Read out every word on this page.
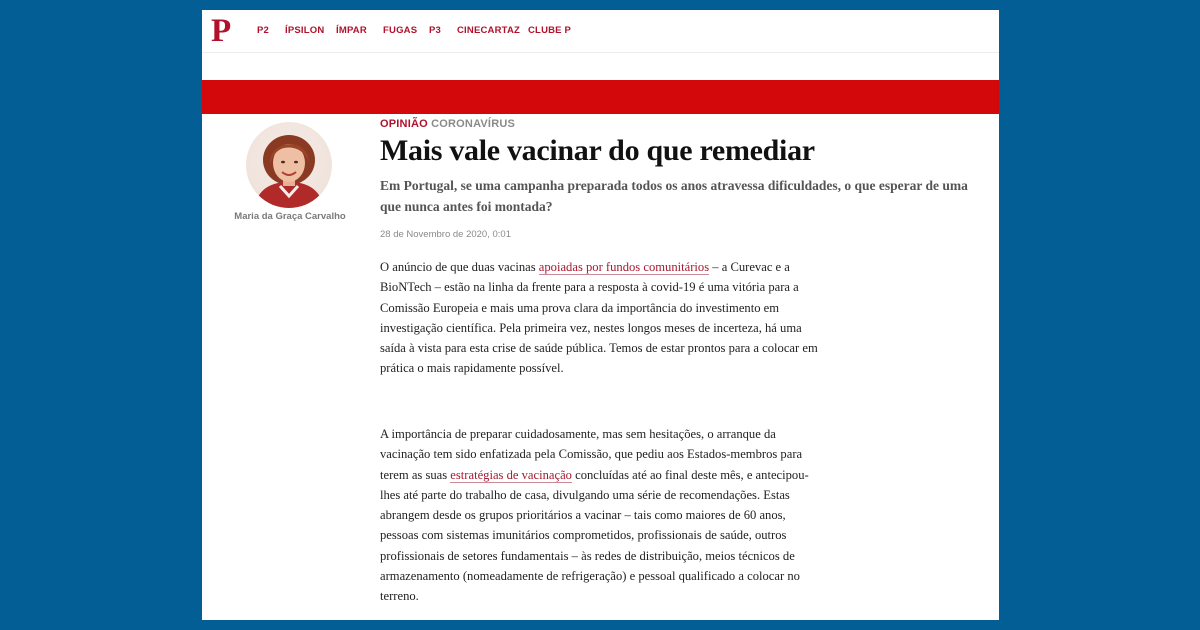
P	P2 ÍPSILON ÍMPAR FUGAS P3 CINECARTAZ CLUBE P
Maria da Graça Carvalho
OPINIÃO CORONAVÍRUS
Mais vale vacinar do que remediar

Em Portugal, se uma campanha preparada todos os anos atravessa dificuldades, o que esperar de uma que nunca antes foi montada?

28 de Novembro de 2020, 0:01

O anúncio de que duas vacinas apoiadas por fundos comunitários – a Curevac e a BioNTech – estão na linha da frente para a resposta à covid-19 é uma vitória para a Comissão Europeia e mais uma prova clara da importância do investimento em investigação científica. Pela primeira vez, nestes longos meses de incerteza, há uma saída à vista para esta crise de saúde pública. Temos de estar prontos para a colocar em prática o mais rapidamente possível.

A importância de preparar cuidadosamente, mas sem hesitações, o arranque da vacinação tem sido enfatizada pela Comissão, que pediu aos Estados-membros para terem as suas estratégias de vacinação concluídas até ao final deste mês, e antecipou-lhes até parte do trabalho de casa, divulgando uma série de recomendações. Estas abrangem desde os grupos prioritários a vacinar – tais como maiores de 60 anos, pessoas com sistemas imunitários comprometidos, profissionais de saúde, outros profissionais de setores fundamentais – às redes de distribuição, meios técnicos de armazenamento (nomeadamente de refrigeração) e pessoal qualificado a colocar no terreno.
